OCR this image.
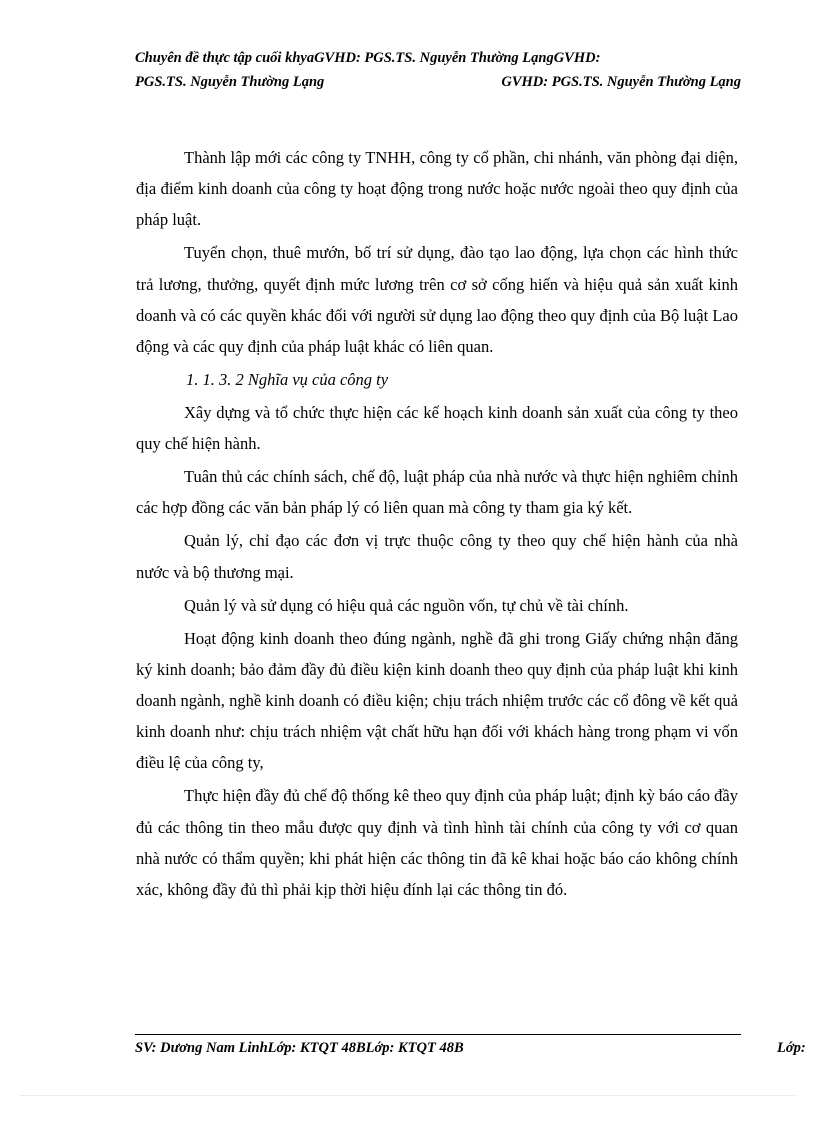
Chuyên đề thực tập cuối khyaGVHD: PGS.TS. Nguyễn Thường LạngGVHD:
PGS.TS. Nguyễn Thường Lạng	GVHD: PGS.TS. Nguyễn Thường Lạng

Thành lập mới các công ty TNHH, công ty cổ phần, chi nhánh, văn phòng đại diện, địa điểm kinh doanh của công ty hoạt động trong nước hoặc nước ngoài theo quy định của pháp luật.

Tuyển chọn, thuê mướn, bố trí sử dụng, đào tạo lao động, lựa chọn các hình thức trả lương, thưởng, quyết định mức lương trên cơ sở cống hiến và hiệu quả sản xuất kinh doanh và có các quyền khác đối với người sử dụng lao động theo quy định của Bộ luật Lao động và các quy định của pháp luật khác có liên quan.

1. 1. 3. 2 Nghĩa vụ của công ty

Xây dựng và tổ chức thực hiện các kế hoạch kinh doanh sản xuất của công ty theo quy chế hiện hành.

Tuân thủ các chính sách, chế độ, luật pháp của nhà nước và thực hiện nghiêm chỉnh các hợp đồng các văn bản pháp lý có liên quan mà công ty tham gia ký kết.

Quản lý, chỉ đạo các đơn vị trực thuộc công ty theo quy chế hiện hành của nhà nước và bộ thương mại.

Quản lý và sử dụng có hiệu quả các nguồn vốn, tự chủ về tài chính.

Hoạt động kinh doanh theo đúng ngành, nghề đã ghi trong Giấy chứng nhận đăng ký kinh doanh; bảo đảm đầy đủ điều kiện kinh doanh theo quy định của pháp luật khi kinh doanh ngành, nghề kinh doanh có điều kiện; chịu trách nhiệm trước các cổ đông về kết quả kinh doanh như: chịu trách nhiệm vật chất hữu hạn đối với khách hàng trong phạm vi vốn điều lệ của công ty,

Thực hiện đầy đủ chế độ thống kê theo quy định của pháp luật; định kỳ báo cáo đầy đủ các thông tin theo mẫu được quy định và tình hình tài chính của công ty với cơ quan nhà nước có thẩm quyền; khi phát hiện các thông tin đã kê khai hoặc báo cáo không chính xác, không đầy đủ thì phải kịp thời hiệu đính lại các thông tin đó.

SV: Dương Nam LinhLớp: KTQT 48BLớp: KTQT 48B	Lớp:
